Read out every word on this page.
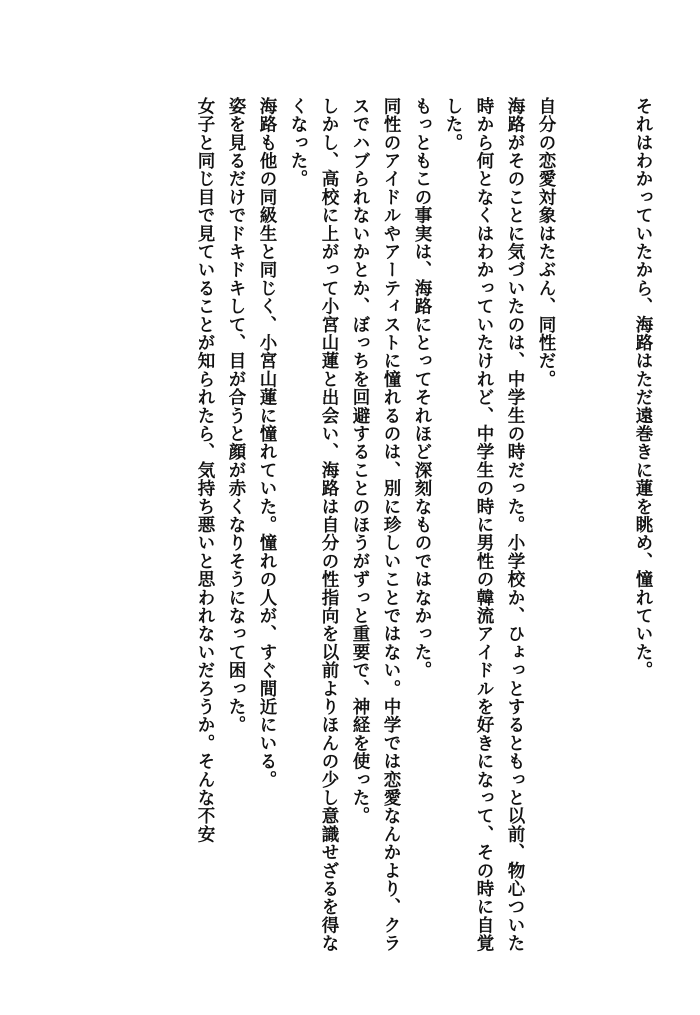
それはわかっていたから、海路はただ遠巻きに蓮を眺め、憧れていた。

自分の恋愛対象はたぶん、同性だ。

海路がそのことに気づいたのは、中学生の時だった。小学校か、ひょっとするともっと以前、物心ついた時から何となくはわかっていたけれど、中学生の時に男性の韓流アイドルを好きになって、その時に自覚した。

もっともこの事実は、海路にとってそれほど深刻なものではなかった。

同性のアイドルやアーティストに憧れるのは、別に珍しいことではない。中学では恋愛なんかより、クラスでハブられないかとか、ぼっちを回避することのほうがずっと重要で、神経を使った。

しかし、高校に上がって小宮山蓮と出会い、海路は自分の性指向を以前よりほんの少し意識せざるを得なくなった。

海路も他の同級生と同じく、小宮山蓮に憧れていた。憧れの人が、すぐ間近にいる。

姿を見るだけでドキドキして、目が合うと顔が赤くなりそうになって困った。

女子と同じ目で見ていることが知られたら、気持ち悪いと思われないだろうか。そんな不安
